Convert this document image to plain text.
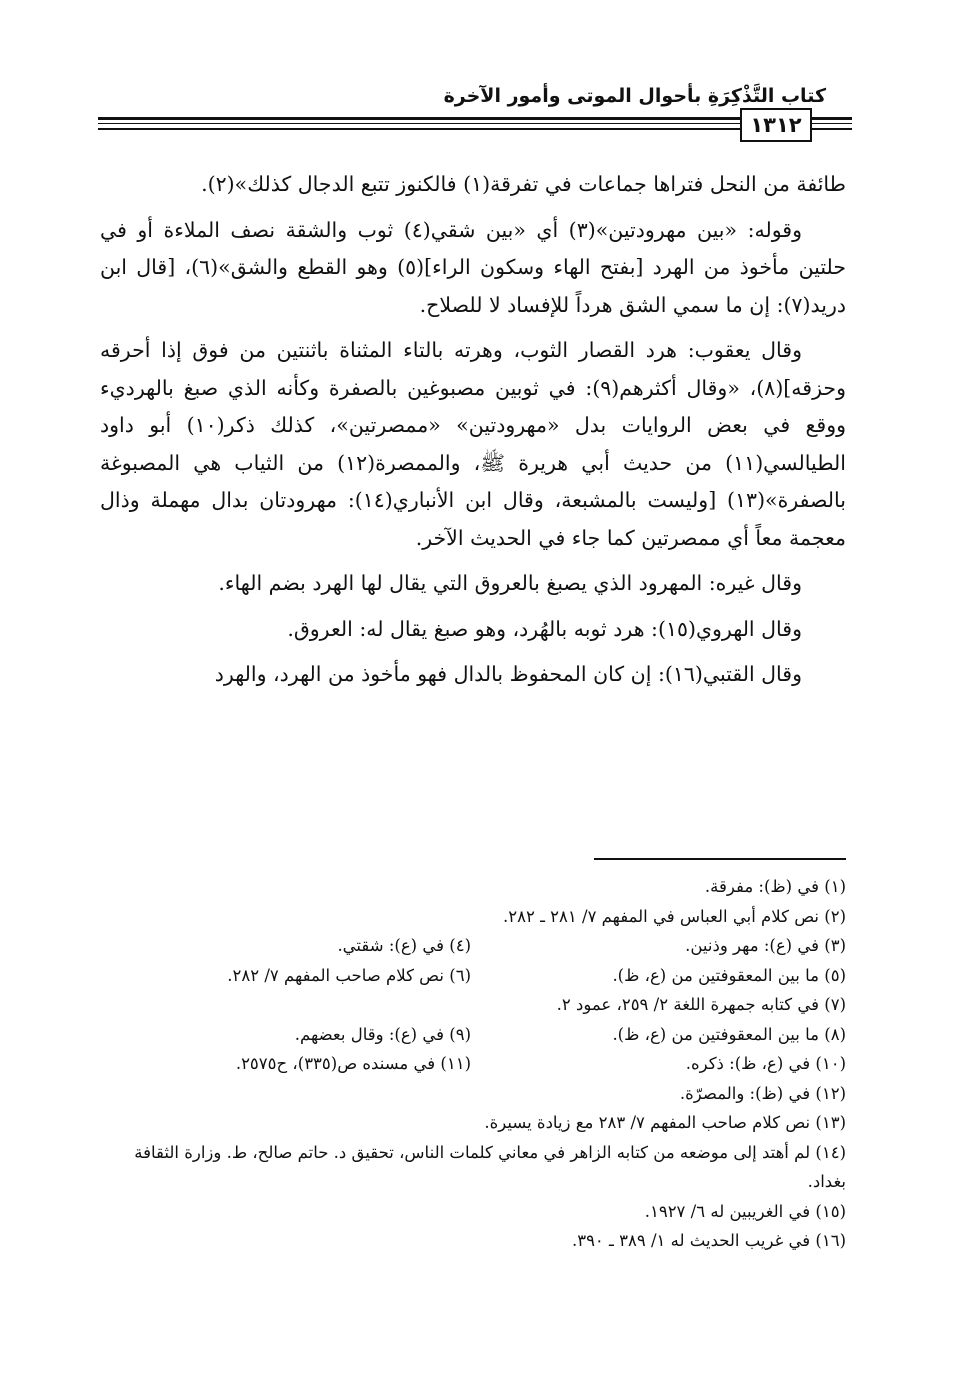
كتاب التَّذْكِرَةِ بأحوال الموتى وأمور الآخرة
١٣١٢

طائفة من النحل فتراها جماعات في تفرقة(١) فالكنوز تتبع الدجال كذلك»(٢).

وقوله: «بين مهرودتين»(٣) أي «بين شقي(٤) ثوب والشقة نصف الملاءة أو في حلتين مأخوذ من الهرد [بفتح الهاء وسكون الراء](٥) وهو القطع والشق»(٦)، [قال ابن دريد(٧): إن ما سمي الشق هرداً للإفساد لا للصلاح.

وقال يعقوب: هرد القصار الثوب، وهرته بالتاء المثناة باثنتين من فوق إذا أحرقه وحزقه](٨)، «وقال أكثرهم(٩): في ثوبين مصبوغين بالصفرة وكأنه الذي صبغ بالهرديء ووقع في بعض الروايات بدل «مهرودتين» «ممصرتين»، كذلك ذكر(١٠) أبو داود الطيالسي(١١) من حديث أبي هريرة ﷺ، والممصرة(١٢) من الثياب هي المصبوغة بالصفرة»(١٣) [وليست بالمشبعة، وقال ابن الأنباري(١٤): مهرودتان بدال مهملة وذال معجمة معاً أي ممصرتين كما جاء في الحديث الآخر.

وقال غيره: المهرود الذي يصبغ بالعروق التي يقال لها الهرد بضم الهاء.

وقال الهروي(١٥): هرد ثوبه بالهُرد، وهو صبغ يقال له: العروق.

وقال القتبي(١٦): إن كان المحفوظ بالدال فهو مأخوذ من الهرد، والهرد

(١) في (ظ): مفرقة.
(٢) نص كلام أبي العباس في المفهم ٧/ ٢٨١ ـ ٢٨٢.
(٣) في (ع): مهر وذنين.
(٤) في (ع): شقتي.
(٥) ما بين المعقوفتين من (ع، ظ).
(٦) نص كلام صاحب المفهم ٧/ ٢٨٢.
(٧) في كتابه جمهرة اللغة ٢/ ٢٥٩، عمود ٢.
(٨) ما بين المعقوفتين من (ع، ظ).
(٩) في (ع): وقال بعضهم.
(١٠) في (ع، ظ): ذكره.
(١١) في مسنده ص(٣٣٥)، ح٢٥٧٥.
(١٢) في (ظ): والمصرّة.
(١٣) نص كلام صاحب المفهم ٧/ ٢٨٣ مع زيادة يسيرة.
(١٤) لم أهتد إلى موضعه من كتابه الزاهر في معاني كلمات الناس، تحقيق د. حاتم صالح، ط. وزارة الثقافة بغداد.
(١٥) في الغريبين له ٦/ ١٩٢٧.
(١٦) في غريب الحديث له ١/ ٣٨٩ ـ ٣٩٠.
